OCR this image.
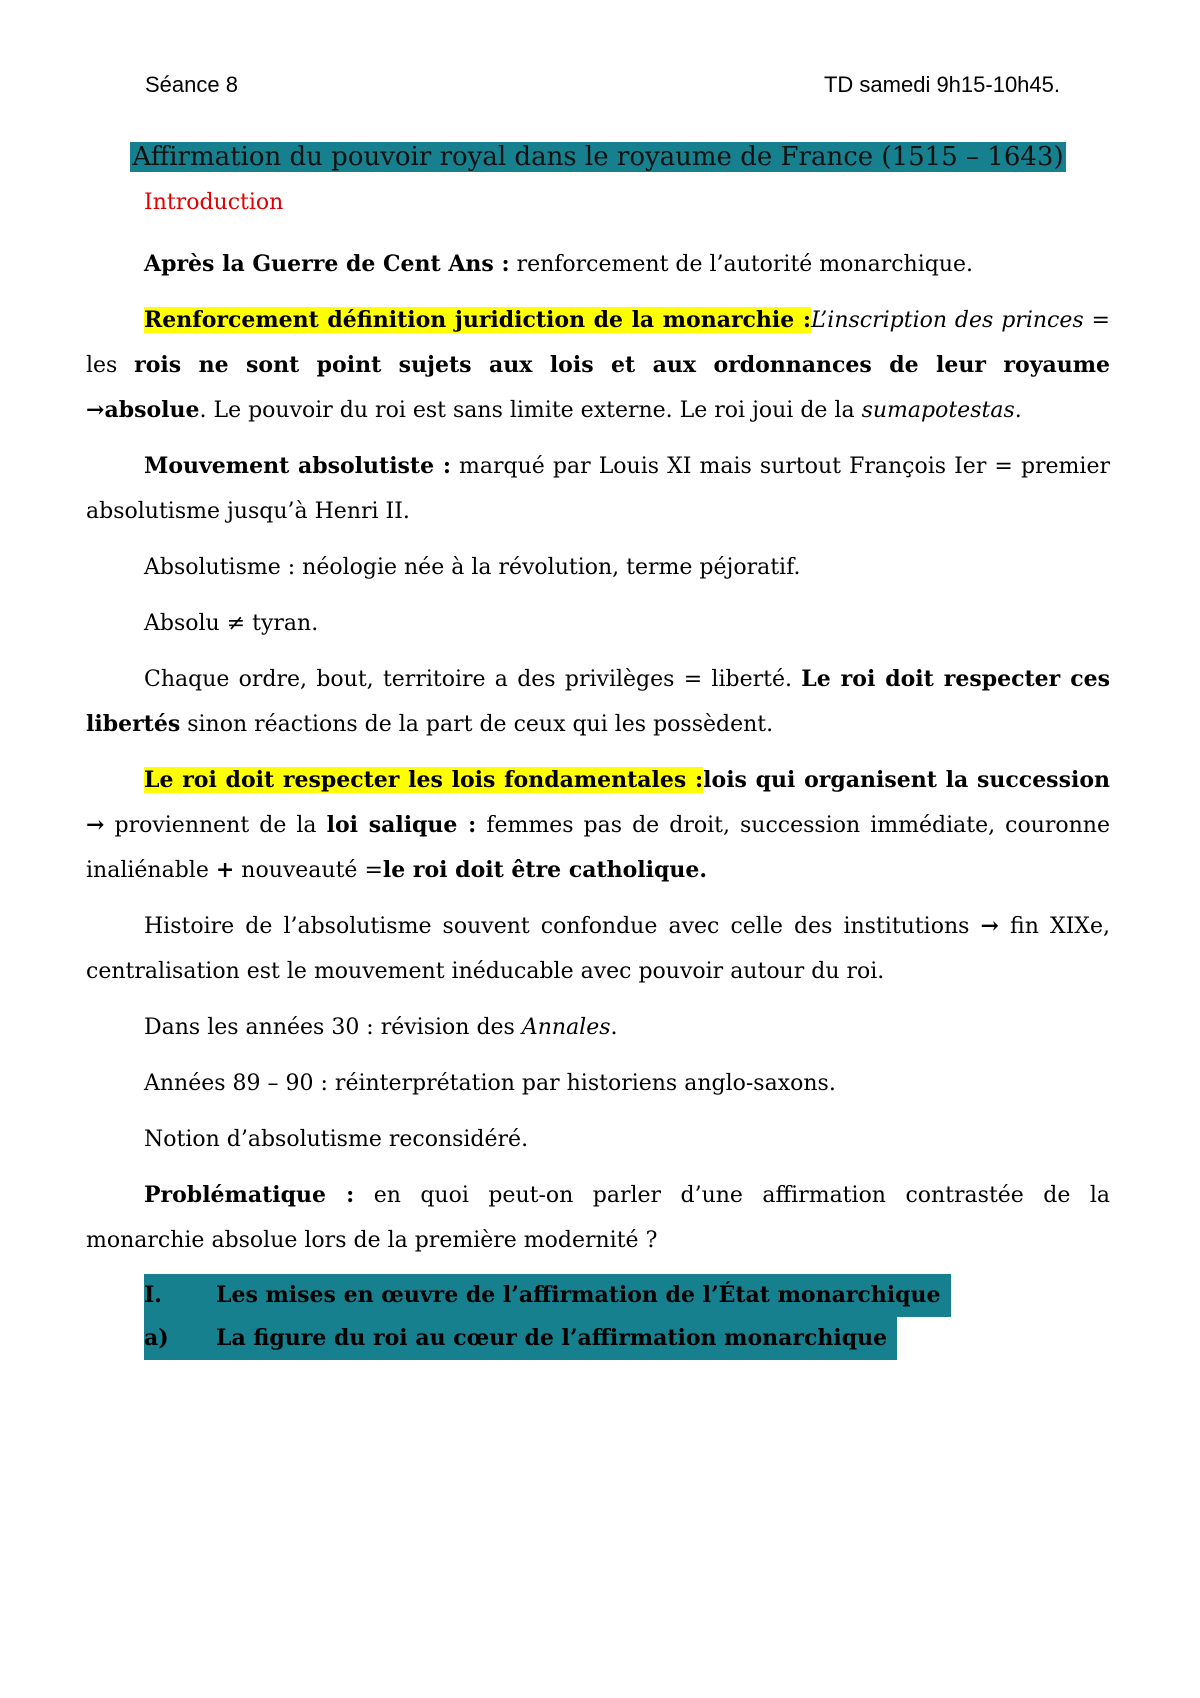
Séance 8	TD samedi 9h15-10h45.
Affirmation du pouvoir royal dans le royaume de France (1515 – 1643)
Introduction

Après la Guerre de Cent Ans : renforcement de l’autorité monarchique.

Renforcement définition juridiction de la monarchie :L’inscription des princes = les rois ne sont point sujets aux lois et aux ordonnances de leur royaume →absolue. Le pouvoir du roi est sans limite externe. Le roi joui de la sumapotestas.

Mouvement absolutiste : marqué par Louis XI mais surtout François Ier = premier absolutisme jusqu’à Henri II.

Absolutisme : néologie née à la révolution, terme péjoratif.

Absolu ≠ tyran.

Chaque ordre, bout, territoire a des privilèges = liberté. Le roi doit respecter ces libertés sinon réactions de la part de ceux qui les possèdent.

Le roi doit respecter les lois fondamentales :lois qui organisent la succession → proviennent de la loi salique : femmes pas de droit, succession immédiate, couronne inaliénable + nouveauté =le roi doit être catholique.

Histoire de l’absolutisme souvent confondue avec celle des institutions → fin XIXe, centralisation est le mouvement inéducable avec pouvoir autour du roi.

Dans les années 30 : révision des Annales.

Années 89 – 90 : réinterprétation par historiens anglo-saxons.

Notion d’absolutisme reconsidéré.

Problématique : en quoi peut-on parler d’une affirmation contrastée de la monarchie absolue lors de la première modernité ?

I. Les mises en œuvre de l’affirmation de l’État monarchique
a) La figure du roi au cœur de l’affirmation monarchique
